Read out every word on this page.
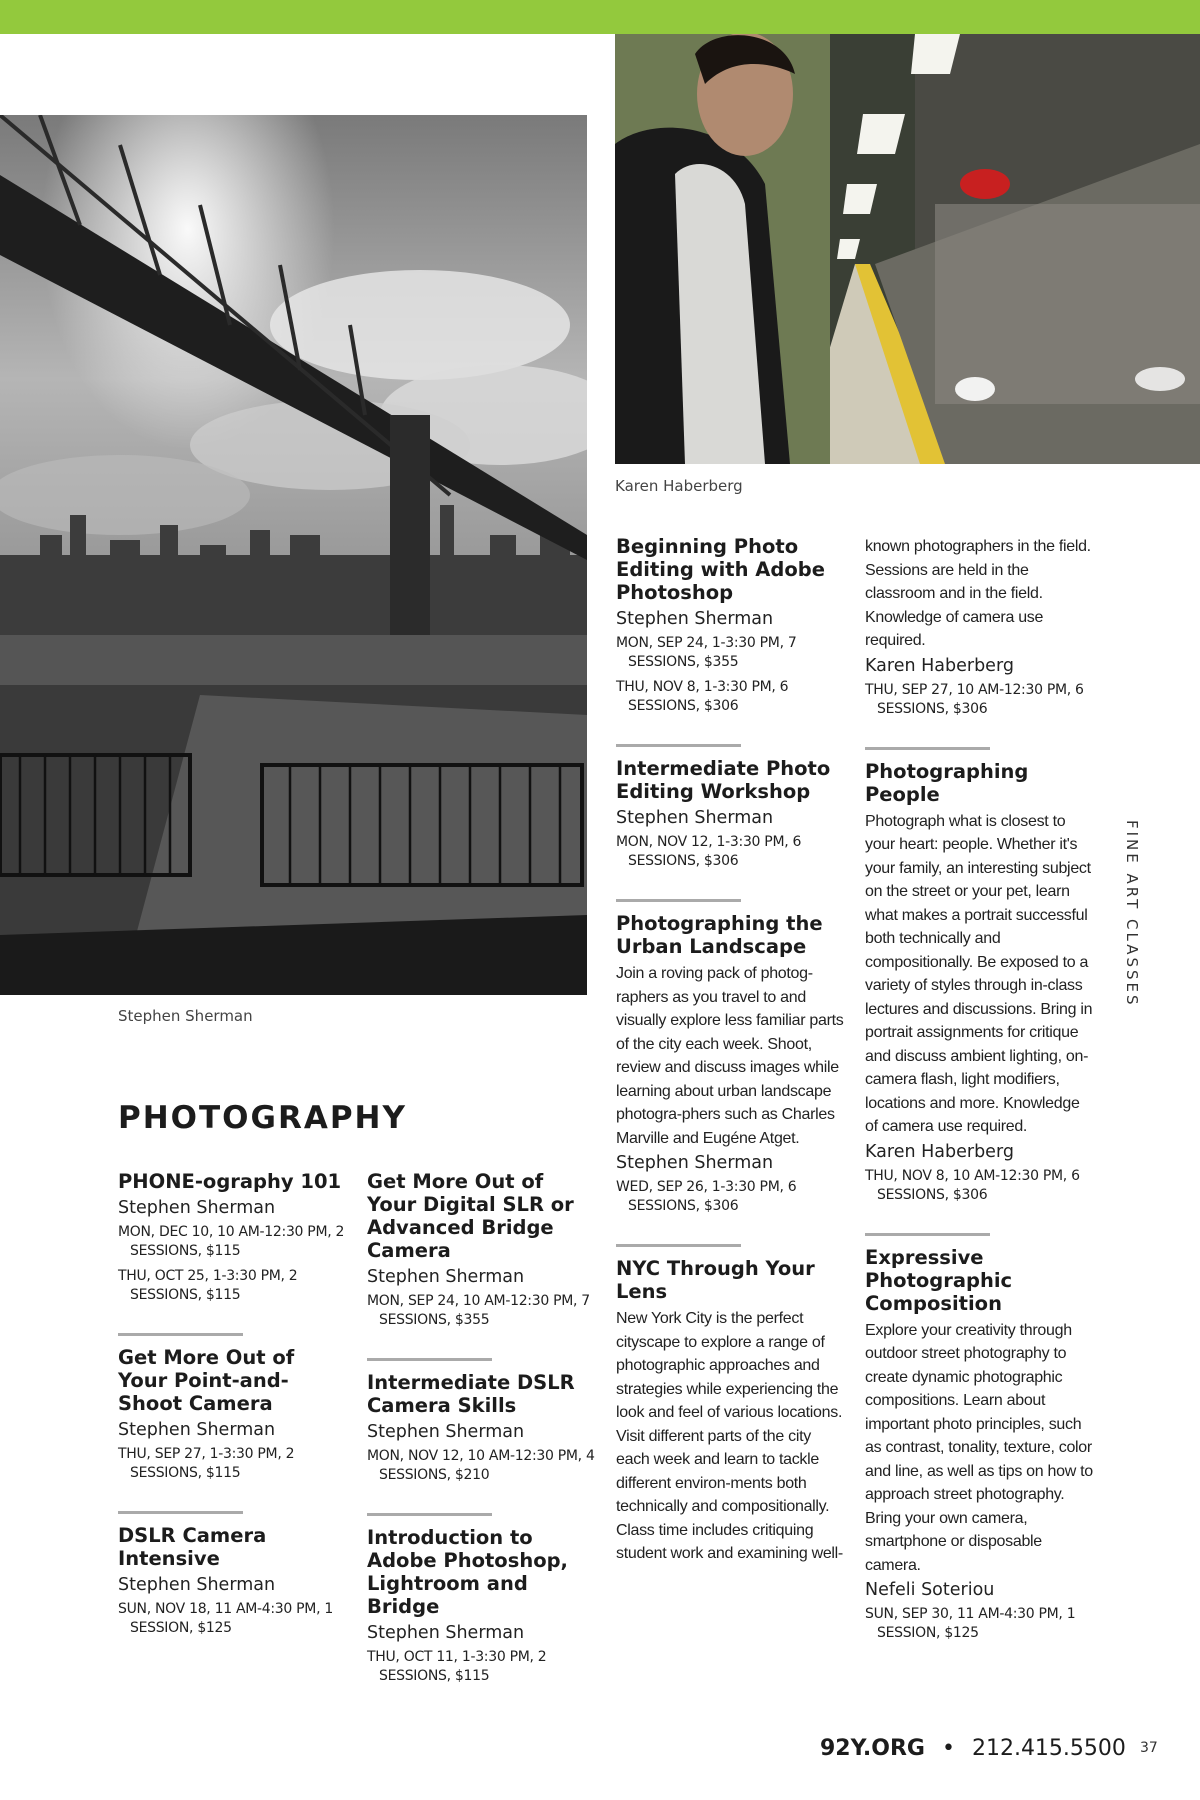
Stephen Sherman
Karen Haberberg
PHOTOGRAPHY
PHONE-ography 101

Stephen Sherman

MON, DEC 10, 10 AM-12:30 PM, 2 SESSIONS, $115
THU, OCT 25, 1-3:30 PM, 2 SESSIONS, $115
Get More Out of Your Point-and-Shoot Camera

Stephen Sherman

THU, SEP 27, 1-3:30 PM, 2 SESSIONS, $115
DSLR Camera Intensive

Stephen Sherman

SUN, NOV 18, 11 AM-4:30 PM, 1 SESSION, $125
Get More Out of Your Digital SLR or Advanced Bridge Camera

Stephen Sherman

MON, SEP 24, 10 AM-12:30 PM, 7 SESSIONS, $355
Intermediate DSLR Camera Skills

Stephen Sherman

MON, NOV 12, 10 AM-12:30 PM, 4 SESSIONS, $210
Introduction to Adobe Photoshop, Lightroom and Bridge

Stephen Sherman

THU, OCT 11, 1-3:30 PM, 2 SESSIONS, $115
Beginning Photo Editing with Adobe Photoshop

Stephen Sherman

MON, SEP 24, 1-3:30 PM, 7 SESSIONS, $355
THU, NOV 8, 1-3:30 PM, 6 SESSIONS, $306
Intermediate Photo Editing Workshop

Stephen Sherman

MON, NOV 12, 1-3:30 PM, 6 SESSIONS, $306
Photographing the Urban Landscape

Join a roving pack of photog-raphers as you travel to and visually explore less familiar parts of the city each week. Shoot, review and discuss images while learning about urban landscape photogra-phers such as Charles Marville and Eugéne Atget.

Stephen Sherman

WED, SEP 26, 1-3:30 PM, 6 SESSIONS, $306
NYC Through Your Lens

New York City is the perfect cityscape to explore a range of photographic approaches and strategies while experiencing the look and feel of various locations. Visit different parts of the city each week and learn to tackle different environ-ments both technically and compositionally. Class time includes critiquing student work and examining well-

known photographers in the field. Sessions are held in the classroom and in the field. Knowledge of camera use required.

Karen Haberberg

THU, SEP 27, 10 AM-12:30 PM, 6 SESSIONS, $306
Photographing People

Photograph what is closest to your heart: people. Whether it's your family, an interesting subject on the street or your pet, learn what makes a portrait successful both technically and compositionally. Be exposed to a variety of styles through in-class lectures and discussions. Bring in portrait assignments for critique and discuss ambient lighting, on-camera flash, light modifiers, locations and more. Knowledge of camera use required.

Karen Haberberg

THU, NOV 8, 10 AM-12:30 PM, 6 SESSIONS, $306
Expressive Photographic Composition

Explore your creativity through outdoor street photography to create dynamic photographic compositions. Learn about important photo principles, such as contrast, tonality, texture, color and line, as well as tips on how to approach street photography. Bring your own camera, smartphone or disposable camera.

Nefeli Soteriou

SUN, SEP 30, 11 AM-4:30 PM, 1 SESSION, $125
FINE ART CLASSES
92Y.ORG • 212.415.5500 37
